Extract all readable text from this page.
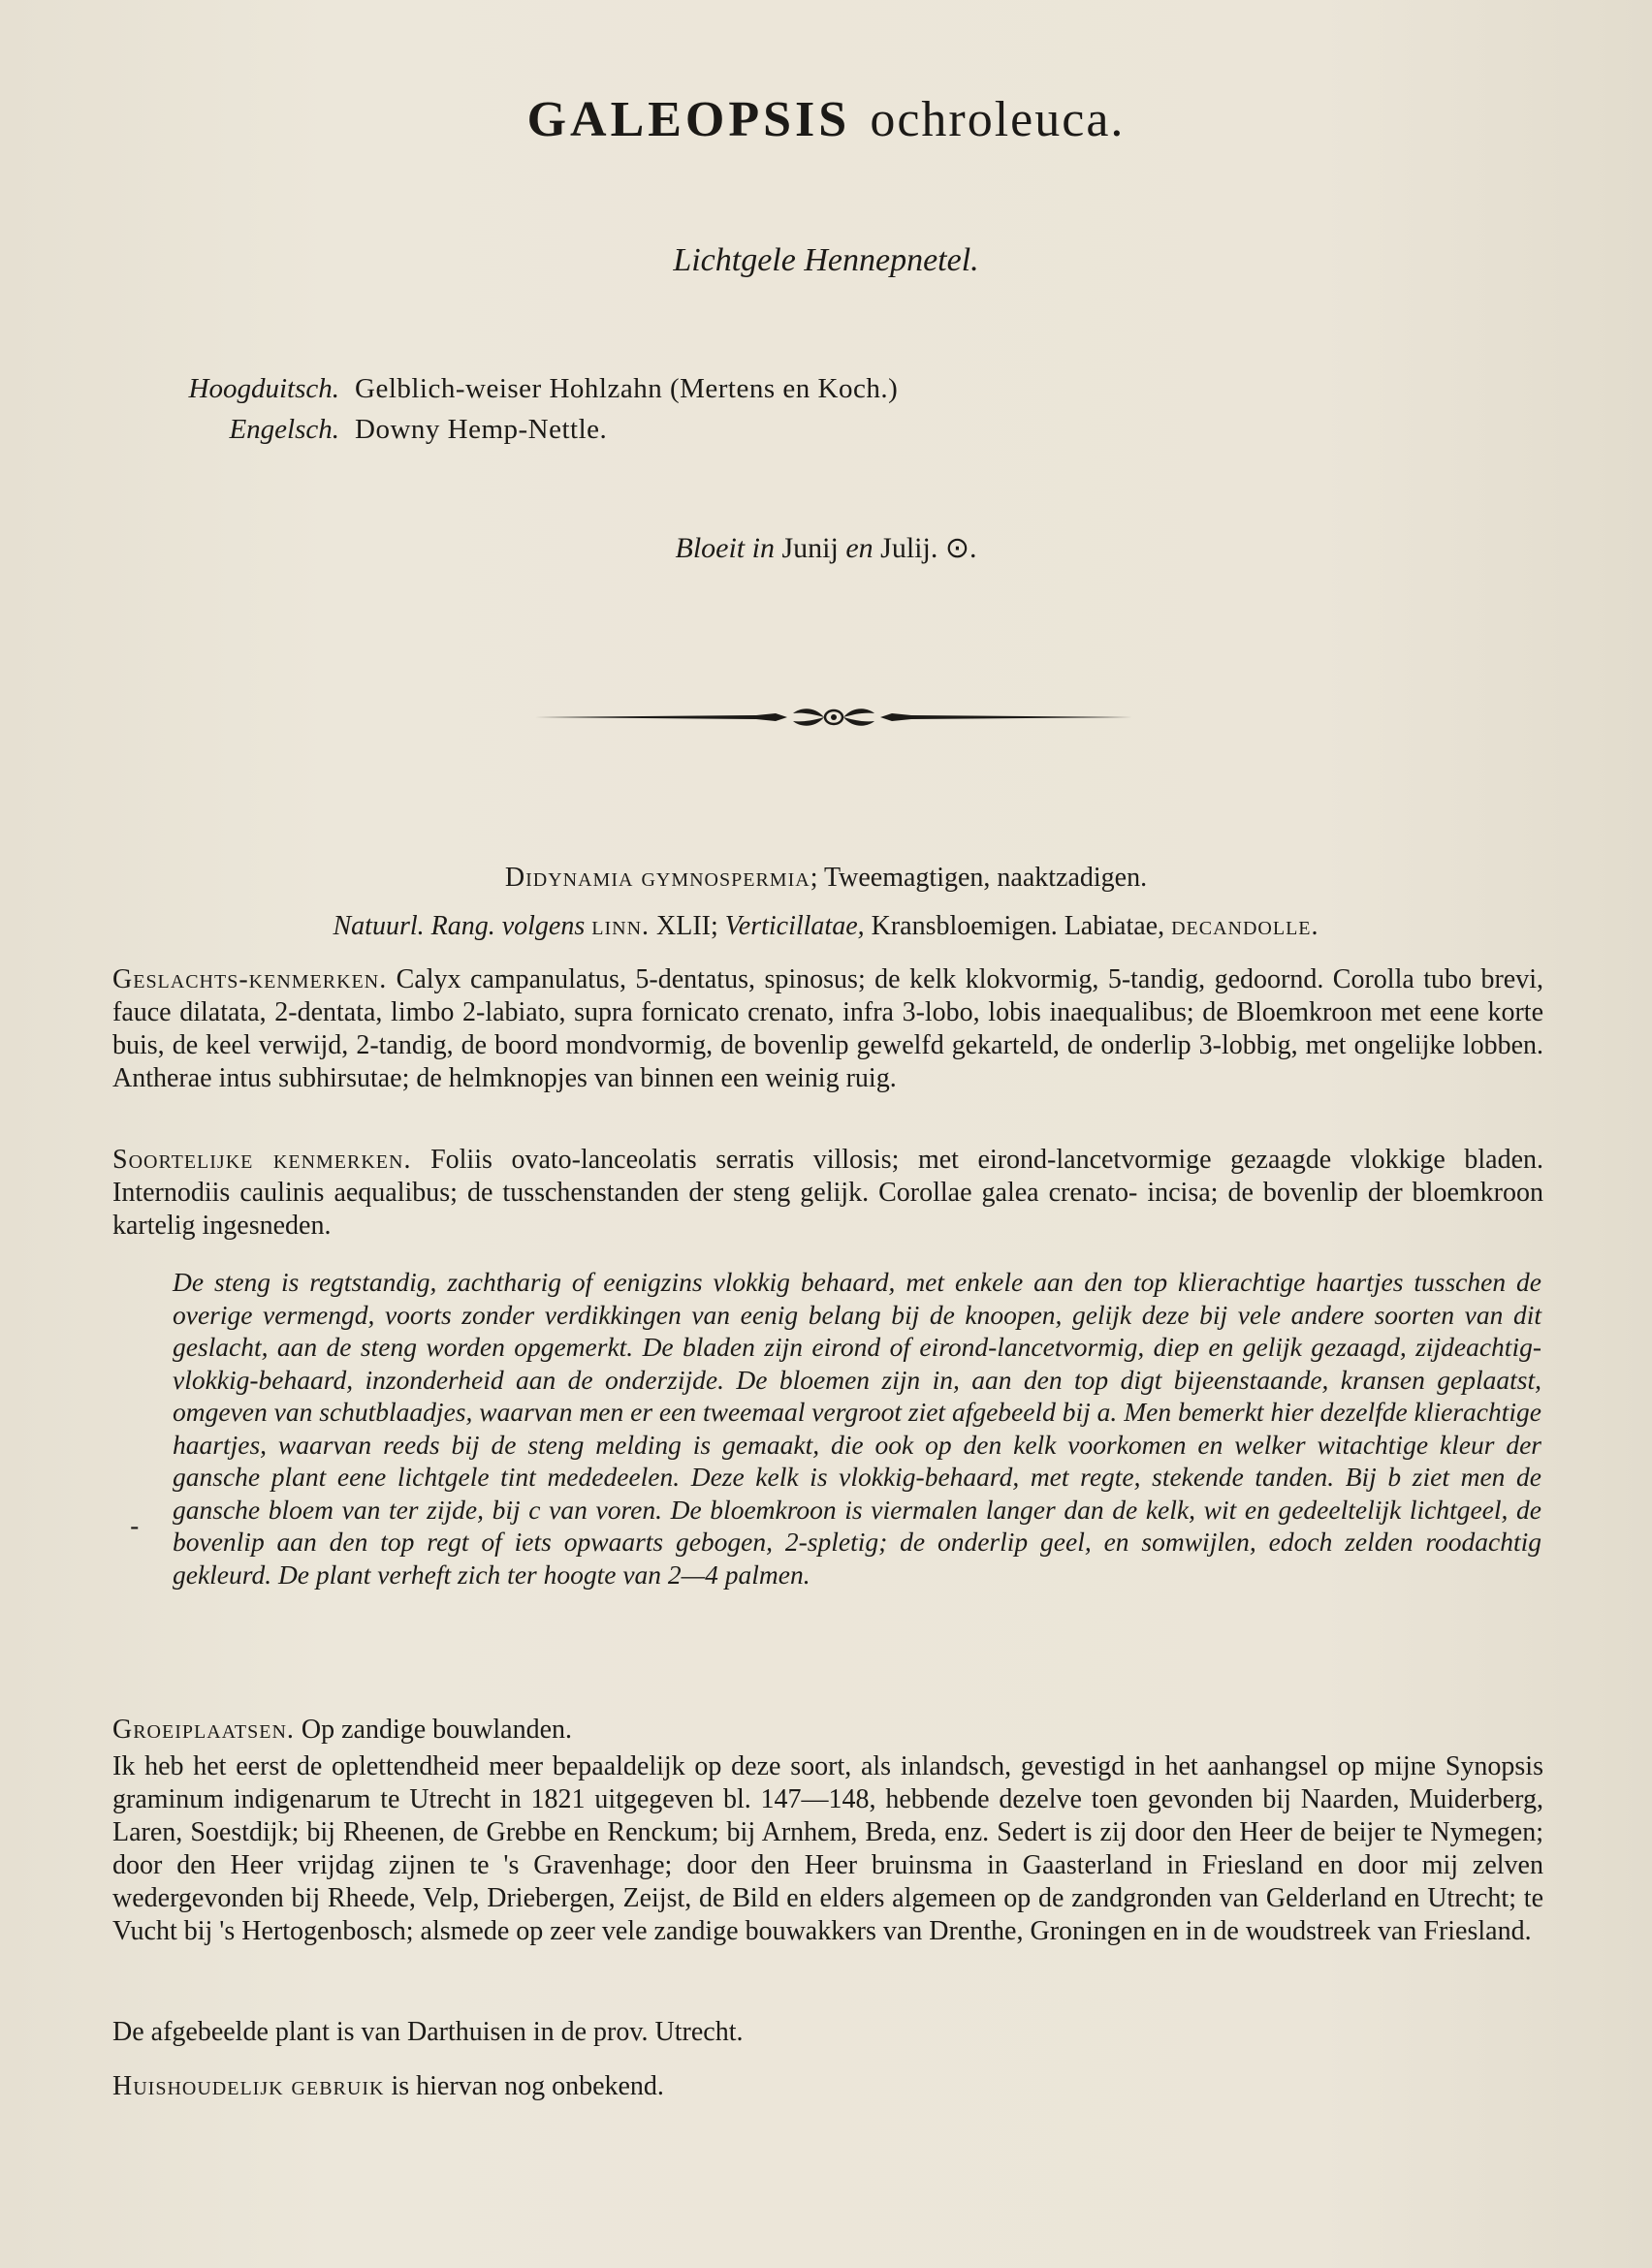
GALEOPSIS ochroleuca.
Lichtgele Hennepnetel.
Hoogduitsch. Gelblich-weiser Hohlzahn (Mertens en Koch.)
Engelsch. Downy Hemp-Nettle.
Bloeit in Junij en Julij. ⊙.
Didynamia gymnospermia; Tweemagtigen, naaktzadigen.
Natuurl. Rang. volgens linn. XLII; Verticillatae, Kransbloemigen. Labiatae, decandolle.
Geslachts-kenmerken. Calyx campanulatus, 5-dentatus, spinosus; de kelk klokvormig, 5-tandig, gedoornd. Corolla tubo brevi, fauce dilatata, 2-dentata, limbo 2-labiato, supra fornicato crenato, infra 3-lobo, lobis inaequalibus; de Bloemkroon met eene korte buis, de keel verwijd, 2-tandig, de boord mondvormig, de bovenlip gewelfd gekarteld, de onderlip 3-lobbig, met ongelijke lobben. Antherae intus subhirsutae; de helmknopjes van binnen een weinig ruig.
Soortelijke kenmerken. Foliis ovato-lanceolatis serratis villosis; met eirond-lancetvormige gezaagde vlokkige bladen. Internodiis caulinis aequalibus; de tusschenstanden der steng gelijk. Corollae galea crenato- incisa; de bovenlip der bloemkroon kartelig ingesneden.
De steng is regtstandig, zachtharig of eenigzins vlokkig behaard, met enkele aan den top klierachtige haartjes tusschen de overige vermengd, voorts zonder verdikkingen van eenig belang bij de knoopen, gelijk deze bij vele andere soorten van dit geslacht, aan de steng worden opgemerkt. De bladen zijn eirond of eirond-lancetvormig, diep en gelijk gezaagd, zijdeachtig-vlokkig-behaard, inzonderheid aan de onderzijde. De bloemen zijn in, aan den top digt bijeenstaande, kransen geplaatst, omgeven van schutblaadjes, waarvan men er een tweemaal vergroot ziet afgebeeld bij a. Men bemerkt hier dezelfde klierachtige haartjes, waarvan reeds bij de steng melding is gemaakt, die ook op den kelk voorkomen en welker witachtige kleur der gansche plant eene lichtgele tint mededeelen. Deze kelk is vlokkig-behaard, met regte, stekende tanden. Bij b ziet men de gansche bloem van ter zijde, bij c van voren. De bloemkroon is viermalen langer dan de kelk, wit en gedeeltelijk lichtgeel, de bovenlip aan den top regt of iets opwaarts gebogen, 2-spletig; de onderlip geel, en somwijlen, edoch zelden roodachtig gekleurd. De plant verheft zich ter hoogte van 2—4 palmen.
-
Groeiplaatsen. Op zandige bouwlanden.
Ik heb het eerst de oplettendheid meer bepaaldelijk op deze soort, als inlandsch, gevestigd in het aanhangsel op mijne Synopsis graminum indigenarum te Utrecht in 1821 uitgegeven bl. 147—148, hebbende dezelve toen gevonden bij Naarden, Muiderberg, Laren, Soestdijk; bij Rheenen, de Grebbe en Renckum; bij Arnhem, Breda, enz. Sedert is zij door den Heer de beijer te Nymegen; door den Heer vrijdag zijnen te 's Gravenhage; door den Heer bruinsma in Gaasterland in Friesland en door mij zelven wedergevonden bij Rheede, Velp, Driebergen, Zeijst, de Bild en elders algemeen op de zandgronden van Gelderland en Utrecht; te Vucht bij 's Hertogenbosch; alsmede op zeer vele zandige bouwakkers van Drenthe, Groningen en in de woudstreek van Friesland.
De afgebeelde plant is van Darthuisen in de prov. Utrecht.
Huishoudelijk gebruik is hiervan nog onbekend.
